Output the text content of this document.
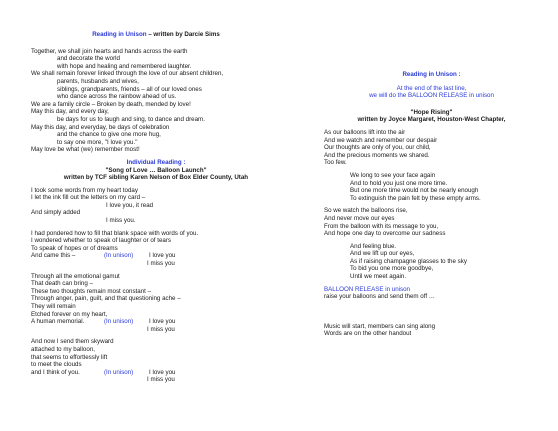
Reading in Unison – written by Darcie Sims
Together, we shall join hearts and hands across the earth
and decorate the world
with hope and healing and remembered laughter.
We shall remain forever linked through the love of our absent children,
parents, husbands and wives,
siblings, grandparents, friends – all of our loved ones
who dance across the rainbow ahead of us.
We are a family circle – Broken by death, mended by love!
May this day, and every day,
be days for us to laugh and sing, to dance and dream.
May this day, and everyday, be days of celebration
and the chance to give one more hug,
to say one more, "I love you."
May love be what (we) remember most!
Individual Reading :
"Song of Love … Balloon Launch"
written by TCF sibling Karen Nelson of Box Elder County, Utah
I took some words from my heart today
I let the ink fill out the letters on my card –
I love you, it read
And simply added
I miss you.
I had pondered how to fill that blank space with words of you.
I wondered whether to speak of laughter or of tears
To speak of hopes or of dreams
And came this –	(In unison)	I love you
I miss you
Through all the emotional gamut
That death can bring –
These two thoughts remain most constant –
Through anger, pain, guilt, and that questioning ache –
They will remain
Etched forever on my heart,
A human memorial.	(In unison)	I love you
I miss you
And now I send them skyward
attached to my balloon,
that seems to effortlessly lift
to meet the clouds
and I think of you.	(In unison)	I love you
I miss you
Reading in Unison :
At the end of the last line,
we will do the BALLOON RELEASE in unison
"Hope Rising"
written by Joyce Margaret, Houston-West Chapter,
As our balloons lift into the air
And we watch and remember our despair
Our thoughts are only of you, our child,
And the precious moments we shared.
Too few.
We long to see your face again
And to hold you just one more time.
But one more time would not be nearly enough
To extinguish the pain felt by these empty arms.
So we watch the balloons rise,
And never move our eyes
From the balloon with its message to you,
And hope one day to overcome our sadness
And feeling blue.
And we lift up our eyes,
As if raising champagne glasses to the sky
To bid you one more goodbye,
Until we meet again.
BALLOON RELEASE in unison
raise your balloons and send them off …
Music will start, members can sing along
Words are on the other handout
